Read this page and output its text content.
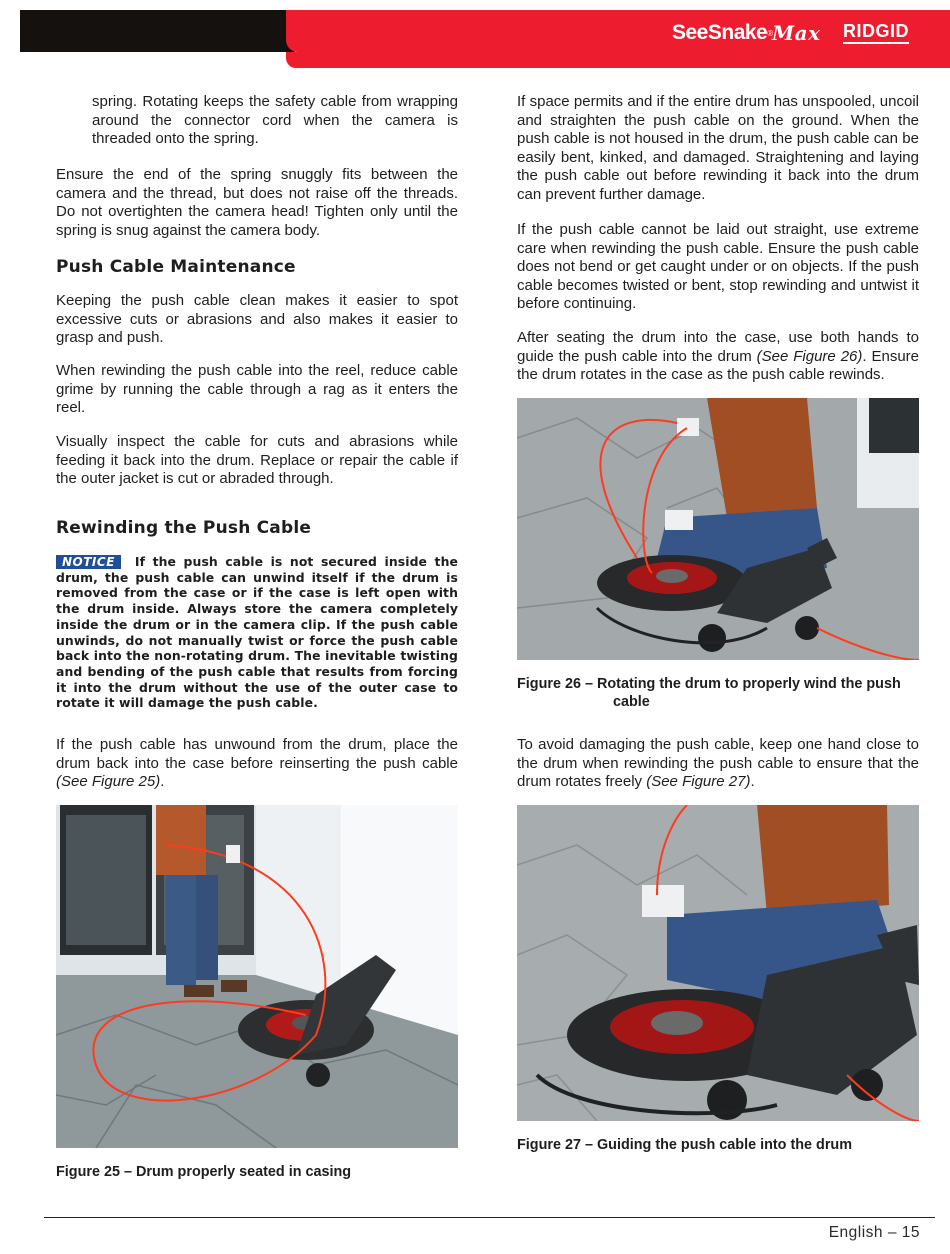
SeeSnake ® Max RIDGID

spring. Rotating keeps the safety cable from wrapping around the connector cord when the camera is threaded onto the spring.

Ensure the end of the spring snuggly fits between the camera and the thread, but does not raise off the threads. Do not overtighten the camera head! Tighten only until the spring is snug against the camera body.

Push Cable Maintenance

Keeping the push cable clean makes it easier to spot excessive cuts or abrasions and also makes it easier to grasp and push.

When rewinding the push cable into the reel, reduce cable grime by running the cable through a rag as it enters the reel.

Visually inspect the cable for cuts and abrasions while feeding it back into the drum. Replace or repair the cable if the outer jacket is cut or abraded through.

Rewinding the Push Cable

NOTICE If the push cable is not secured inside the drum, the push cable can unwind itself if the drum is removed from the case or if the case is left open with the drum inside. Always store the camera completely inside the drum or in the camera clip. If the push cable unwinds, do not manually twist or force the push cable back into the non-rotating drum. The inevitable twisting and bending of the push cable that results from forcing it into the drum without the use of the outer case to rotate it will damage the push cable.

If the push cable has unwound from the drum, place the drum back into the case before reinserting the push cable (See Figure 25).

Figure 25 – Drum properly seated in casing

If space permits and if the entire drum has unspooled, uncoil and straighten the push cable on the ground. When the push cable is not housed in the drum, the push cable can be easily bent, kinked, and damaged. Straightening and laying the push cable out before rewinding it back into the drum can prevent further damage.

If the push cable cannot be laid out straight, use extreme care when rewinding the push cable. Ensure the push cable does not bend or get caught under or on objects. If the push cable becomes twisted or bent, stop rewinding and untwist it before continuing.

After seating the drum into the case, use both hands to guide the push cable into the drum (See Figure 26). Ensure the drum rotates in the case as the push cable rewinds.

Figure 26 – Rotating the drum to properly wind the push

cable

To avoid damaging the push cable, keep one hand close to the drum when rewinding the push cable to ensure that the drum rotates freely (See Figure 27).

Figure 27 – Guiding the push cable into the drum

English – 15
